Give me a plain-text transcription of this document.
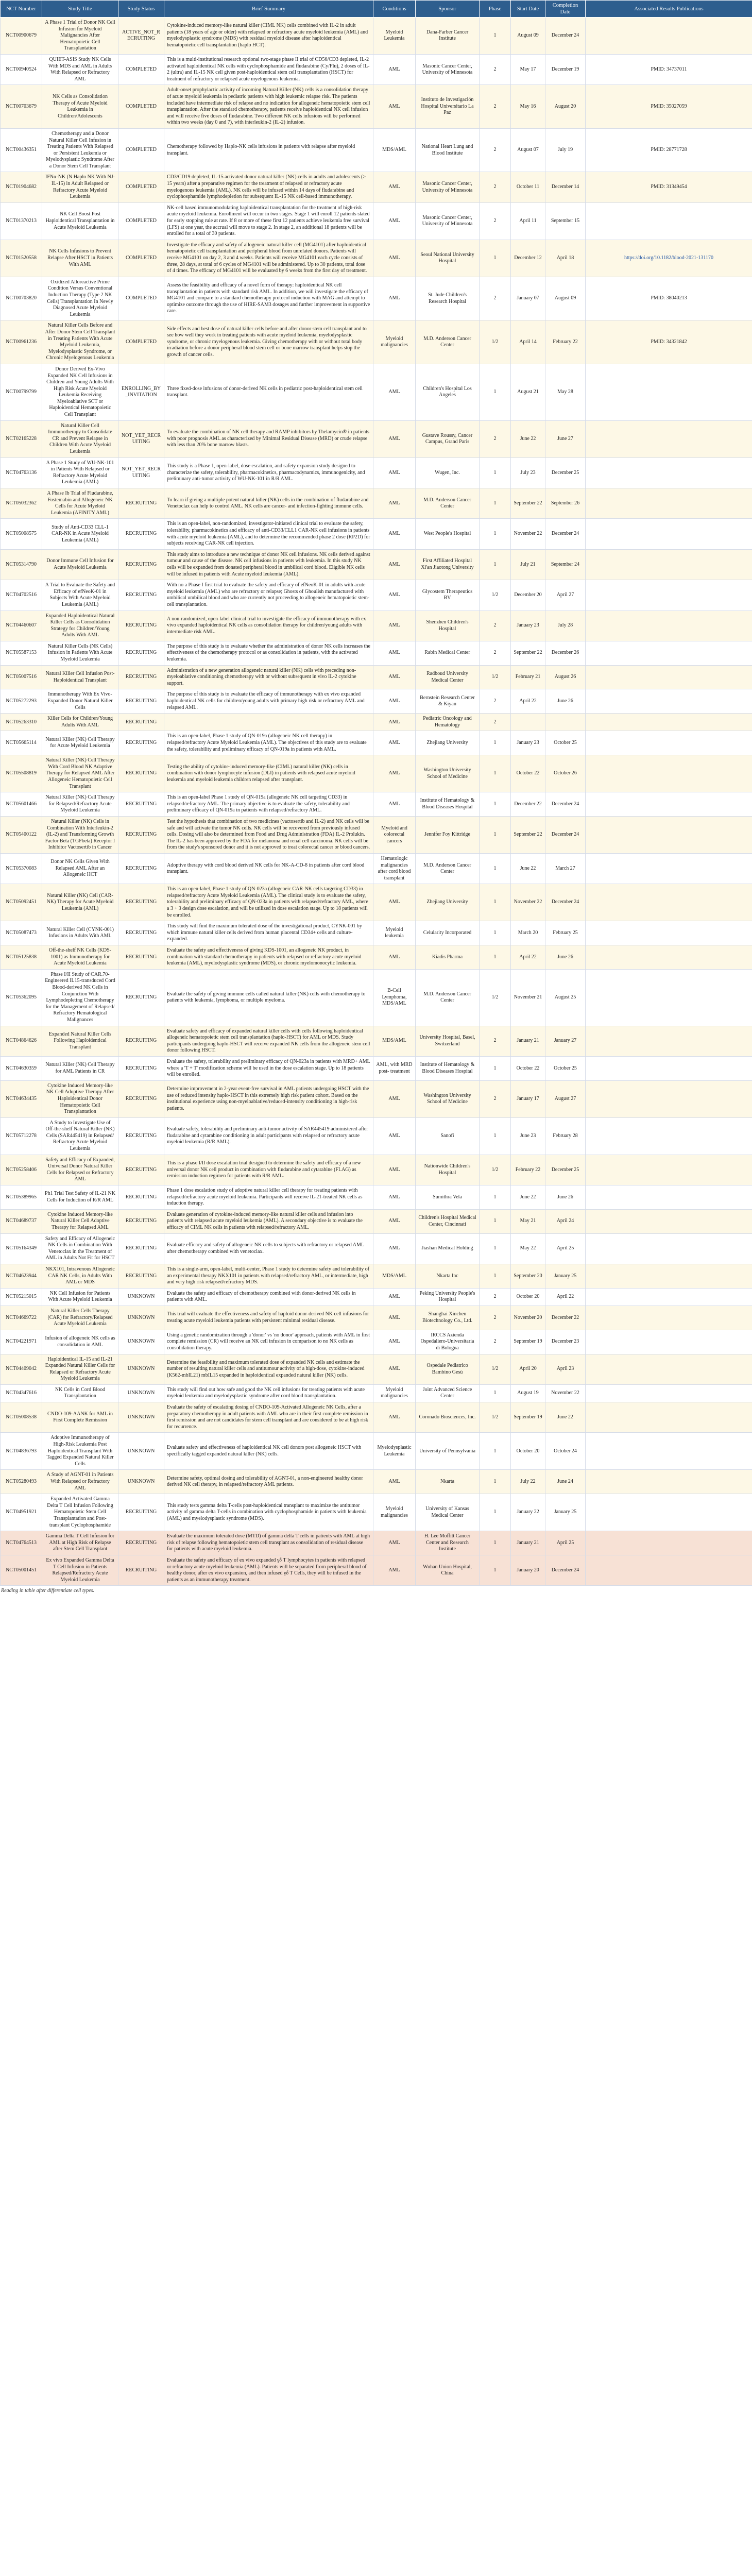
NCT Number	Study Title	Study Status	Brief Summary	Conditions	Sponsor	Phase	Start Date	Completion Date	Associated Results Publications
NCT00900679	A Phase 1 Trial of Donor NK Cell Infusion for Myeloid Malignancies After Hematopoietic Cell Transplantation	ACTIVE_NOT_RECRUITING	Cytokine-induced memory-like natural killer (CIML NK) cells combined with IL-2 in adult patients (18 years of age or older) with relapsed or refractory acute myeloid leukemia (AML) and myelodysplastic syndrome (MDS) with residual myeloid disease after haploidentical hematopoietic cell transplantation (haplo HCT).	Myeloid Leukemia	Dana-Farber Cancer Institute	1	August 09	December 24	
NCT00940524	QUIET-ASIS Study NK Cells With MDS and AML in Adults With Relapsed or Refractory AML	COMPLETED	This is a multi-institutional research optional two-stage phase II trial of CD56/CD3 depleted, IL-2 activated haploidentical NK cells with cyclophosphamide and fludarabine (Cy/Flu), 2 doses of IL-2 (ultra) and IL-15 NK cell given post-haploidentical stem cell transplantation (HSCT) for treatment of refractory or relapsed acute myelogenous leukemia.	AML	Masonic Cancer Center, University of Minnesota	2	May 17	December 19	PMID: 34737011
NCT00703679	NK Cells as Consolidation Therapy of Acute Myeloid Leukemia in Children/Adolescents	COMPLETED	Adult-onset prophylactic activity of incoming Natural Killer (NK) cells is a consolidation therapy of acute myeloid leukemia in pediatric patients with high leukemic relapse risk. The patients included have intermediate risk of relapse and no indication for allogeneic hematopoietic stem cell transplantation. After the standard chemotherapy, patients receive haploidentical NK cell infusion and will receive five doses of fludarabine. Two different NK cells infusions will be performed within two weeks (day 0 and 7), with interleukin-2 (IL-2) infusion.	AML	Instituto de Investigación Hospital Universitario La Paz	2	May 16	August 20	PMID: 35027059
NCT00436351	Chemotherapy and a Donor Natural Killer Cell Infusion in Treating Patients With Relapsed or Persistent Leukemia or Myelodysplastic Syndrome After a Donor Stem Cell Transplant	COMPLETED	Chemotherapy followed by Haplo-NK cells infusions in patients with relapse after myeloid transplant.	MDS/AML	National Heart Lung and Blood Institute	2	August 07	July 19	PMID: 28771728
NCT01904682	IFNα-NK (N Haplo NK With NJ-IL-15) in Adult Relapsed or Refractory Acute Myeloid Leukemia	COMPLETED	CD3/CD19 depleted, IL-15 activated donor natural killer (NK) cells in adults and adolescents (≥ 15 years) after a preparative regimen for the treatment of relapsed or refractory acute myelogenous leukemia (AML). NK cells will be infused within 14 days of fludarabine and cyclophosphamide lymphodepletion for subsequent IL-15 NK cell-based immunotherapy.	AML	Masonic Cancer Center, University of Minnesota	2	October 11	December 14	PMID: 31349454
NCT01370213	NK Cell Boost Post Haploidentical Transplantation in Acute Myeloid Leukemia	COMPLETED	NK-cell based immunomodulating haploidentical transplantation for the treatment of high-risk acute myeloid leukemia. Enrollment will occur in two stages. Stage 1 will enroll 12 patients slated for early stopping rule at rate. If 8 or more of these first 12 patients achieve leukemia free survival (LFS) at one year, the accrual will move to stage 2. In stage 2, an additional 18 patients will be enrolled for a total of 30 patients.	AML	Masonic Cancer Center, University of Minnesota	2	April 11	September 15	
NCT01520558	NK Cells Infusions to Prevent Relapse After HSCT in Patients With AML	COMPLETED	Investigate the efficacy and safety of allogeneic natural killer cell (MG4101) after haploidentical hematopoietic cell transplantation and peripheral blood from unrelated donors. Patients will receive MG4101 on day 2, 3 and 4 weeks. Patients will receive MG4101 each cycle consists of three, 28 days, at total of 6 cycles of MG4101 will be administered. Up to 30 patients, total dose of 4 times. The efficacy of MG4101 will be evaluated by 6 weeks from the first day of treatment.	AML	Seoul National University Hospital	1	December 12	April 18	https://doi.org/10.1182/blood-2021-131170
NCT00703820	Oxidized Alloreactive Prime Condition Versus Conventional Induction Therapy (Type 2 NK Cells) Transplantation In Newly Diagnosed Acute Myeloid Leukemia	COMPLETED	Assess the feasibility and efficacy of a novel form of therapy: haploidentical NK cell transplantation in patients with standard risk AML. In addition, we will investigate the efficacy of MG4101 and compare to a standard chemotherapy protocol induction with MAG and attempt to optimize outcome through the use of HIRE-SAM3 dosages and further improvement in supportive care.	AML	St. Jude Children's Research Hospital	2	January 07	August 09	PMID: 38040213
NCT00961236	Natural Killer Cells Before and After Donor Stem Cell Transplant in Treating Patients With Acute Myeloid Leukemia, Myelodysplastic Syndrome, or Chronic Myelogenous Leukemia	COMPLETED	Side effects and best dose of natural killer cells before and after donor stem cell transplant and to see how well they work in treating patients with acute myeloid leukemia, myelodysplastic syndrome, or chronic myelogenous leukemia. Giving chemotherapy with or without total body irradiation before a donor peripheral blood stem cell or bone marrow transplant helps stop the growth of cancer cells.	Myeloid malignancies	M.D. Anderson Cancer Center	1/2	April 14	February 22	PMID: 34321842
NCT00799799	Donor Derived Ex-Vivo Expanded NK Cell Infusions in Children and Young Adults With High Risk Acute Myeloid Leukemia Receiving Myeloablative SCT or Haploidentical Hematopoietic Cell Transplant	ENROLLING_BY_INVITATION	Three fixed-dose infusions of donor-derived NK cells in pediatric post-haploidentical stem cell transplant.	AML	Children's Hospital Los Angeles	1	August 21	May 28	
NCT02165228	Natural Killer Cell Immunotherapy to Consolidate CR and Prevent Relapse in Children With Acute Myeloid Leukemia	NOT_YET_RECRUITING	To evaluate the combination of NK cell therapy and RAMP inhibitors by Thelamycin® in patients with poor prognosis AML as characterized by Minimal Residual Disease (MRD) or crude relapse with less than 20% bone marrow blasts.	AML	Gustave Roussy, Cancer Campus, Grand Paris	2	June 22	June 27	
NCT04763136	A Phase 1 Study of WU-NK-101 in Patients With Relapsed or Refractory Acute Myeloid Leukemia (AML)	NOT_YET_RECRUITING	This study is a Phase 1, open-label, dose escalation, and safety expansion study designed to characterize the safety, tolerability, pharmacokinetics, pharmacodynamics, immunogenicity, and preliminary anti-tumor activity of WU-NK-101 in R/R AML.	AML	Wugen, Inc.	1	July 23	December 25	
NCT05032362	A Phase Ib Trial of Fludarabine, Fostemabin and Allogeneic NK Cells for Acute Myeloid Leukemia (AFINITY AML)	RECRUITING	To learn if giving a multiple potent natural killer (NK) cells in the combination of fludarabine and Venetoclax can help to control AML. NK cells are cancer- and infection-fighting immune cells.	AML	M.D. Anderson Cancer Center	1	September 22	September 26	
NCT05008575	Study of Anti-CD33 CLL-1 CAR-NK in Acute Myeloid Leukemia (AML)	RECRUITING	This is an open-label, non-randomized, investigator-initiated clinical trial to evaluate the safety, tolerability, pharmacokinetics and efficacy of anti-CD33/CLL1 CAR-NK cell infusions in patients with acute myeloid leukemia (AML), and to determine the recommended phase 2 dose (RP2D) for subjects receiving CAR-NK cell injection.	AML	West People's Hospital	1	November 22	December 24	
NCT05314790	Donor Immune Cell Infusion for Acute Myeloid Leukemia	RECRUITING	This study aims to introduce a new technique of donor NK cell infusions. NK cells derived against tumour and cause of the disease. NK cell infusions in patients with leukemia. In this study NK cells will be expanded from donated peripheral blood in umbilical cord blood. Eligible NK cells will be infused in patients with Acute myeloid leukemia (AML).	AML	First Affiliated Hospital Xi'an Jiaotong University	1	July 21	September 24	
NCT04702516	A Trial to Evaluate the Safety and Efficacy of efNeoK-01 in Subjects With Acute Myeloid Leukemia (AML)	RECRUITING	With no a Phase I first trial to evaluate the safety and efficacy of efNeoK-01 in adults with acute myeloid leukemia (AML) who are refractory or relapse; Ghosts of Ghoulish manufactured with umbilical umbilical blood and who are currently not proceeding to allogeneic hematopoietic stem-cell transplantation.	AML	Glycostem Therapeutics BV	1/2	December 20	April 27	
NCT04460607	Expanded Haploidentical Natural Killer Cells as Consolidation Strategy for Children/Young Adults With AML	RECRUITING	A non-randomized, open-label clinical trial to investigate the efficacy of immunotherapy with ex vivo expanded haploidentical NK cells as consolidation therapy for children/young adults with intermediate risk AML.	AML	Shenzhen Children's Hospital	2	January 23	July 28	
NCT05587153	Natural Killer Cells (NK Cells) Infusion in Patients With Acute Myeloid Leukemia	RECRUITING	The purpose of this study is to evaluate whether the administration of donor NK cells increases the effectiveness of the chemotherapy protocol or as consolidation in patients, with the activated leukemia.	AML	Rabin Medical Center	2	September 22	December 26	
NCT05007516	Natural Killer Cell Infusion Post-Haploidentical Transplant	RECRUITING	Administration of a new generation allogeneic natural killer (NK) cells with preceding non-myeloablative conditioning chemotherapy with or without subsequent in vivo IL-2 cytokine support.	AML	Radboud University Medical Center	1/2	February 21	August 26	
NCT05272293	Immunotherapy With Ex Vivo-Expanded Donor Natural Killer Cells	RECRUITING	The purpose of this study is to evaluate the efficacy of immunotherapy with ex vivo expanded haploidentical NK cells for children/young adults with primary high risk or refractory AML and relapsed AML.	AML	Bernstein Research Center & Kiyan	2	April 22	June 26	
NCT05263310	Killer Cells for Children/Young Adults With AML	RECRUITING		AML	Pediatric Oncology and Hematology	2			
NCT05665114	Natural Killer (NK) Cell Therapy for Acute Myeloid Leukemia	RECRUITING	This is an open-label, Phase 1 study of QN-019a (allogeneic NK cell therapy) in relapsed/refractory Acute Myeloid Leukemia (AML). The objectives of this study are to evaluate the safety, tolerability and preliminary efficacy of QN-019a in patients with AML.	AML	Zhejiang University	1	January 23	October 25	
NCT05508819	Natural Killer (NK) Cell Therapy With Cord Blood NK Adaptive Therapy for Relapsed AML After Allogeneic Hematopoietic Cell Transplant	RECRUITING	Testing the ability of cytokine-induced memory-like (CIML) natural killer (NK) cells in combination with donor lymphocyte infusion (DLI) in patients with relapsed acute myeloid leukemia and myeloid leukemia children relapsed after transplant.	AML	Washington University School of Medicine	1	October 22	October 26	
NCT05601466	Natural Killer (NK) Cell Therapy for Relapsed/Refractory Acute Myeloid Leukemia	RECRUITING	This is an open-label Phase 1 study of QN-019a (allogeneic NK cell targeting CD33) in relapsed/refractory AML. The primary objective is to evaluate the safety, tolerability and preliminary efficacy of QN-019a in patients with relapsed/refractory AML.	AML	Institute of Hematology & Blood Diseases Hospital	1	December 22	December 24	
NCT05400122	Natural Killer (NK) Cells in Combination With Interleukin-2 (IL-2) and Transforming Growth Factor Beta (TGFbeta) Receptor I Inhibitor Vactosertib in Cancer	RECRUITING	Test the hypothesis that combination of two medicines (vactosertib and IL-2) and NK cells will be safe and will activate the tumor NK cells. NK cells will be recovered from previously infused cells. Dosing will also be determined from Food and Drug Administration (FDA) IL-2 Prolukin. The IL-2 has been approved by the FDA for melanoma and renal cell carcinoma. NK cells will be from the study's sponsored donor and it is not approved to treat colorectal cancer or blood cancers.	Myeloid and colorectal cancers	Jennifer Foy Kittridge	1	September 22	December 24	
NCT05370083	Donor NK Cells Given With Relapsed AML After an Allogeneic HCT	RECRUITING	Adoptive therapy with cord blood derived NK cells for NK-A-CD-8 in patients after cord blood transplant.	Hematologic malignancies after cord blood transplant	M.D. Anderson Cancer Center	1	June 22	March 27	
NCT05092451	Natural Killer (NK) Cell (CAR-NK) Therapy for Acute Myeloid Leukemia (AML)	RECRUITING	This is an open-label, Phase 1 study of QN-023a (allogeneic CAR-NK cells targeting CD33) in relapsed/refractory Acute Myeloid Leukemia (AML). The clinical study is to evaluate the safety, tolerability and preliminary efficacy of QN-023a in patients with relapsed/refractory AML, where a 3 + 3 design dose escalation, and will be utilized in dose escalation stage. Up to 18 patients will be enrolled.	AML	Zhejiang University	1	November 22	December 24	
NCT05087473	Natural Killer Cell (CYNK-001) Infusions in Adults With AML	RECRUITING	This study will find the maximum tolerated dose of the investigational product, CYNK-001 by which immune natural killer cells derived from human placental CD34+ cells and culture-expanded.	Myeloid leukemia	Celularity Incorporated	1	March 20	February 25	
NCT05125838	Off-the-shelf NK Cells (KDS-1001) as Immunotherapy for Acute Myeloid Leukemia	RECRUITING	Evaluate the safety and effectiveness of giving KDS-1001, an allogeneic NK product, in combination with standard chemotherapy in patients with relapsed or refractory acute myeloid leukemia (AML), myelodysplastic syndrome (MDS), or chronic myelomonocytic leukemia.	AML	Kiadis Pharma	1	April 22	June 26	
NCT05362095	Phase I/II Study of CAR.70- Engineered IL15-transduced Cord Blood-derived NK Cells in Conjunction With Lymphodepleting Chemotherapy for the Management of Relapsed/ Refractory Hematological Malignances	RECRUITING	Evaluate the safety of giving immune cells called natural killer (NK) cells with chemotherapy to patients with leukemia, lymphoma, or multiple myeloma.	B-Cell Lymphoma, MDS/AML	M.D. Anderson Cancer Center	1/2	November 21	August 25	
NCT04864626	Expanded Natural Killer Cells Following Haploidentical Transplant	RECRUITING	Evaluate safety and efficacy of expanded natural killer cells with cells following haploidentical allogeneic hematopoietic stem cell transplantation (haplo-HSCT) for AML or MDS. Study participants undergoing haplo-HSCT will receive expanded NK cells from the allogeneic stem cell donor following HSCT.	MDS/AML	University Hospital, Basel, Switzerland	2	January 21	January 27	
NCT04630359	Natural Killer (NK) Cell Therapy for AML Patients in CR	RECRUITING	Evaluate the safety, tolerability and preliminary efficacy of QN-023a in patients with MRD+ AML where a 'T + T' modification scheme will be used in the dose escalation stage. Up to 18 patients will be enrolled.	AML, with MRD post- treatment	Institute of Hematology & Blood Diseases Hospital	1	October 22	October 25	
NCT04634435	Cytokine Induced Memory-like NK Cell Adoptive Therapy After Haploidentical Donor Hematopoietic Cell Transplantation	RECRUITING	Determine improvement in 2-year event-free survival in AML patients undergoing HSCT with the use of reduced intensity haplo-HSCT in this extremely high risk patient cohort. Based on the institutional experience using non-myeloablative/reduced-intensity conditioning in high-risk patients.	AML	Washington University School of Medicine	2	January 17	August 27	
NCT05712278	A Study to Investigate Use of Off-the-shelf Natural Killer (NK) Cells (SAR445419) in Relapsed/ Refractory Acute Myeloid Leukemia	RECRUITING	Evaluate safety, tolerability and preliminary anti-tumor activity of SAR445419 administered after fludarabine and cytarabine conditioning in adult participants with relapsed or refractory acute myeloid leukemia (R/R AML).	AML	Sanofi	1	June 23	February 28	
NCT05258406	Safety and Efficacy of Expanded, Universal Donor Natural Killer Cells for Relapsed or Refractory AML	RECRUITING	This is a phase I/II dose escalation trial designed to determine the safety and efficacy of a new universal donor NK cell product in combination with fludarabine and cytarabine (FLAG) as remission induction regimen for patients with R/R AML.	AML	Nationwide Children's Hospital	1/2	February 22	December 25	
NCT05389965	Ph1 Trial Test Safety of IL-21 NK Cells for Induction of R/R AML	RECRUITING	Phase 1 dose escalation study of adoptive natural killer cell therapy for treating patients with relapsed/refractory acute myeloid leukemia. Participants will receive IL-21-treated NK cells as induction therapy.	AML	Sumithra Vela	1	June 22	June 26	
NCT04689737	Cytokine Induced Memory-like Natural Killer Cell Adoptive Therapy for Relapsed AML	RECRUITING	Evaluate generation of cytokine-induced memory-like natural killer cells and infusion into patients with relapsed acute myeloid leukemia (AML). A secondary objective is to evaluate the efficacy of CIML NK cells in patients with relapsed/refractory AML.	AML	Children's Hospital Medical Center, Cincinnati	1	May 21	April 24	
NCT05164349	Safety and Efficacy of Allogeneic NK Cells in Combination With Venetoclax in the Treatment of AML in Adults Not Fit for HSCT	RECRUITING	Evaluate efficacy and safety of allogeneic NK cells to subjects with refractory or relapsed AML after chemotherapy combined with venetoclax.	AML	Jiashan Medical Holding	1	May 22	April 25	
NCT04623944	NKX101, Intravenous Allogeneic CAR NK Cells, in Adults With AML or MDS	RECRUITING	This is a single-arm, open-label, multi-center, Phase 1 study to determine safety and tolerability of an experimental therapy NKX101 in patients with relapsed/refractory AML, or intermediate, high and very high risk relapsed/refractory MDS.	MDS/AML	Nkarta Inc	1	September 20	January 25	
NCT05215015	NK Cell Infusion for Patients With Acute Myeloid Leukemia	UNKNOWN	Evaluate the safety and efficacy of chemotherapy combined with donor-derived NK cells in patients with AML.	AML	Peking University People's Hospital	2	October 20	April 22	
NCT04669722	Natural Killer Cells Therapy (CAR) for Refractory/Relapsed Acute Myeloid Leukemia	UNKNOWN	This trial will evaluate the effectiveness and safety of haploid donor-derived NK cell infusions for treating acute myeloid leukemia patients with persistent minimal residual disease.	AML	Shanghai Xinchen Biotechnology Co., Ltd.	2	November 20	December 22	
NCT04221971	Infusion of allogeneic NK cells as consolidation in AML	UNKNOWN	Using a genetic randomization through a 'donor' vs 'no donor' approach, patients with AML in first complete remission (CR) will receive an NK cell infusion in comparison to no NK cells as consolidation therapy.	AML	IRCCS Azienda Ospedaliero-Universitaria di Bologna	2	September 19	December 23	
NCT04409042	Haploidentical IL-15 and IL-21 Expanded Natural Killer Cells for Relapsed or Refractory Acute Myeloid Leukemia	UNKNOWN	Determine the feasibility and maximum tolerated dose of expanded NK cells and estimate the number of resulting natural killer cells and antitumour activity of a high-dose, cytokine-induced (K562-mbIL21) mbIL15 expanded in haploidentical expanded natural killer (NK) cells.	AML	Ospedale Pediatrico Bambino Gesù	1/2	April 20	April 23	
NCT04347616	NK Cells in Cord Blood Transplantation	UNKNOWN	This study will find out how safe and good the NK cell infusions for treating patients with acute myeloid leukemia and myelodysplastic syndrome after cord blood transplantation.	Myeloid malignancies	Joint Advanced Science Center	1	August 19	November 22	
NCT05008538	CNDO-109-AANK for AML in First Complete Remission	UNKNOWN	Evaluate the safety of escalating dosing of CNDO-109-Activated Allogeneic NK Cells, after a preparatory chemotherapy in adult patients with AML who are in their first complete remission in first remission and are not candidates for stem cell transplant and are considered to be at high risk for recurrence.	AML	Coronado Biosciences, Inc.	1/2	September 19	June 22	
NCT04836793	Adoptive Immunotherapy of High-Risk Leukemia Post Haploidentical Transplant With Tagged Expanded Natural Killer Cells	UNKNOWN	Evaluate safety and effectiveness of haploidentical NK cell donors post allogeneic HSCT with specifically tagged expanded natural killer (NK) cells.	Myelodysplastic Leukemia	University of Pennsylvania	1	October 20	October 24	
NCT05280493	A Study of AGNT-01 in Patients With Relapsed or Refractory AML	UNKNOWN	Determine safety, optimal dosing and tolerability of AGNT-01, a non-engineered healthy donor derived NK cell therapy, in relapsed/refractory AML patients.	AML	Nkarta	1	July 22	June 24	
NCT04951921	Expanded Activated Gamma Delta T Cell Infusion Following Hematopoietic Stem Cell Transplantation and Post-transplant Cyclophosphamide	RECRUITING	This study tests gamma delta T-cells post-haploidentical transplant to maximize the antitumor activity of gamma delta T-cells in combination with cyclophosphamide in patients with leukemia (AML) and myelodysplastic syndrome (MDS).	Myeloid malignancies	University of Kansas Medical Center	1	January 22	January 25	
NCT04764513	Gamma Delta T Cell Infusion for AML at High Risk of Relapse after Stem Cell Transplant	RECRUITING	Evaluate the maximum tolerated dose (MTD) of gamma delta T cells in patients with AML at high risk of relapse following hematopoietic stem cell transplant as consolidation of residual disease for patients with acute myeloid leukemia.	AML	H. Lee Moffitt Cancer Center and Research Institute	1	January 21	April 25	
NCT05001451	Ex vivo Expanded Gamma Delta T Cell Infusion in Patients Relapsed/Refractory Acute Myeloid Leukemia	RECRUITING	Evaluate the safety and efficacy of ex vivo expanded γδ T lymphocytes in patients with relapsed or refractory acute myeloid leukemia (AML). Patients will be separated from peripheral blood of healthy donor, after ex vivo expansion, and then infused γδ T Cells, they will be infused in the patients as an immunotherapy treatment.	AML	Wuhan Union Hospital, China	1	January 20	December 24	
Reading in table after differentiate cell types.
